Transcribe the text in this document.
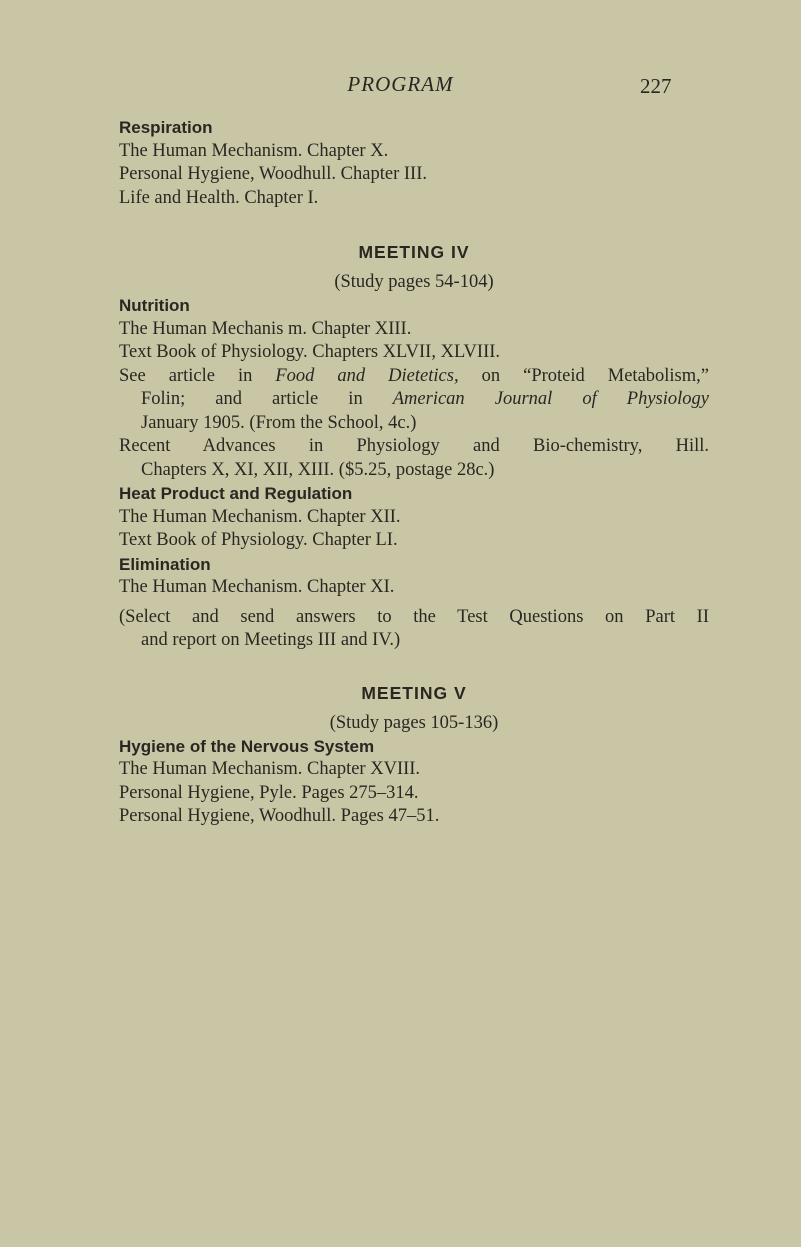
PROGRAM	227
Respiration
The Human Mechanism. Chapter X.
Personal Hygiene, Woodhull. Chapter III.
Life and Health. Chapter I.
MEETING IV
(Study pages 54-104)
Nutrition
The Human Mechanis m. Chapter XIII.
Text Book of Physiology. Chapters XLVII, XLVIII.
See article in Food and Dietetics, on “Proteid Metabolism,”
Folin; and article in American Journal of Physiology
January 1905. (From the School, 4c.)
Recent Advances in Physiology and Bio-chemistry, Hill.
Chapters X, XI, XII, XIII. ($5.25, postage 28c.)
Heat Product and Regulation
The Human Mechanism. Chapter XII.
Text Book of Physiology. Chapter LI.
Elimination
The Human Mechanism. Chapter XI.
(Select and send answers to the Test Questions on Part II
and report on Meetings III and IV.)
MEETING V
(Study pages 105-136)
Hygiene of the Nervous System
The Human Mechanism. Chapter XVIII.
Personal Hygiene, Pyle. Pages 275–314.
Personal Hygiene, Woodhull. Pages 47–51.
